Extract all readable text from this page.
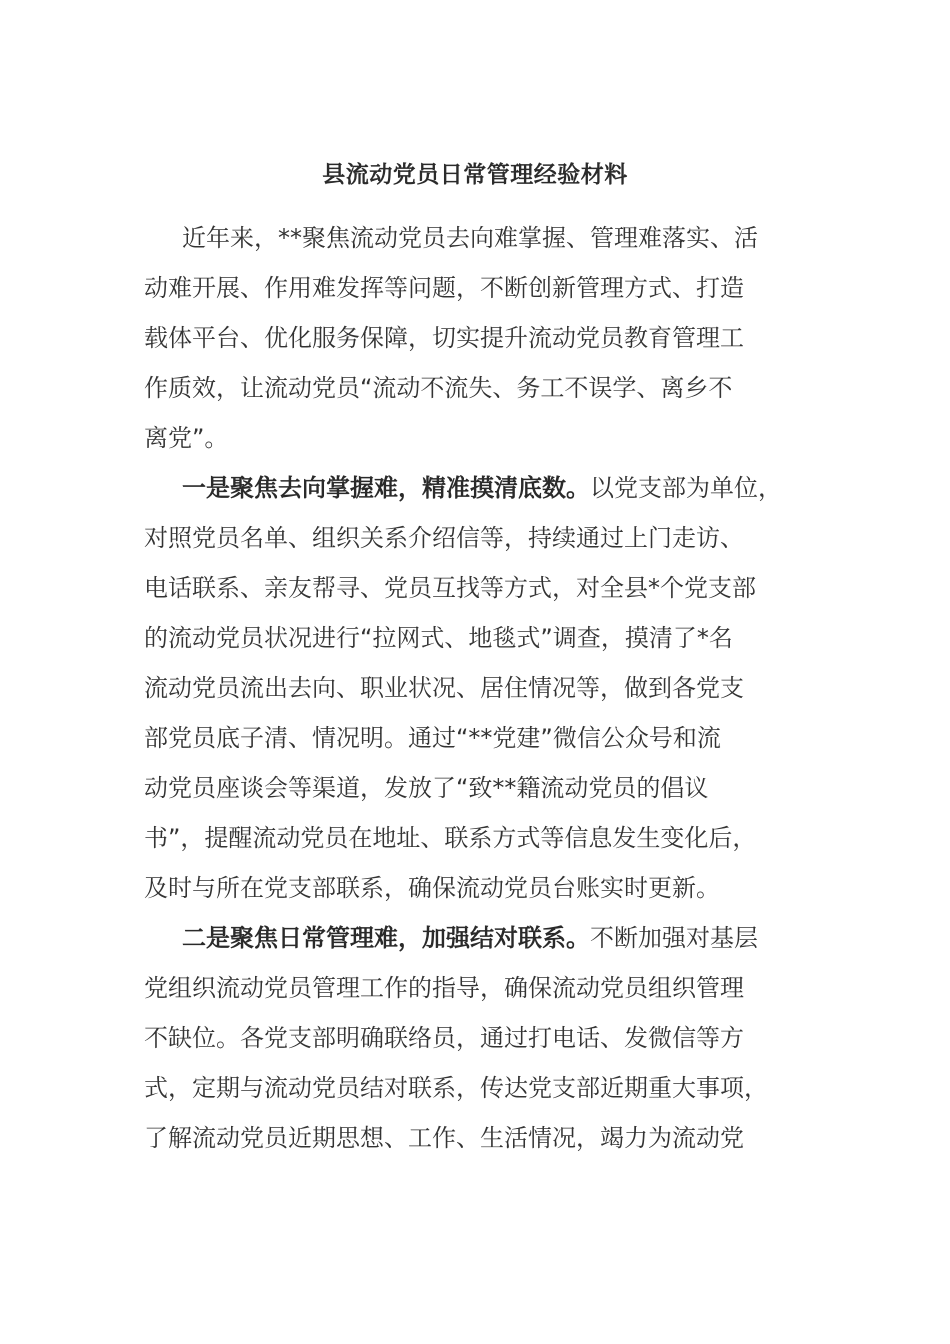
县流动党员日常管理经验材料
近年来，**聚焦流动党员去向难掌握、管理难落实、活
动难开展、作用难发挥等问题，不断创新管理方式、打造
载体平台、优化服务保障，切实提升流动党员教育管理工
作质效，让流动党员“流动不流失、务工不误学、离乡不
离党”。
一是聚焦去向掌握难，精准摸清底数。以党支部为单位，
对照党员名单、组织关系介绍信等，持续通过上门走访、
电话联系、亲友帮寻、党员互找等方式，对全县*个党支部
的流动党员状况进行“拉网式、地毯式”调查，摸清了*名
流动党员流出去向、职业状况、居住情况等，做到各党支
部党员底子清、情况明。通过“**党建”微信公众号和流
动党员座谈会等渠道，发放了“致**籍流动党员的倡议
书”，提醒流动党员在地址、联系方式等信息发生变化后，
及时与所在党支部联系，确保流动党员台账实时更新。
二是聚焦日常管理难，加强结对联系。不断加强对基层
党组织流动党员管理工作的指导，确保流动党员组织管理
不缺位。各党支部明确联络员，通过打电话、发微信等方
式，定期与流动党员结对联系，传达党支部近期重大事项，
了解流动党员近期思想、工作、生活情况，竭力为流动党
